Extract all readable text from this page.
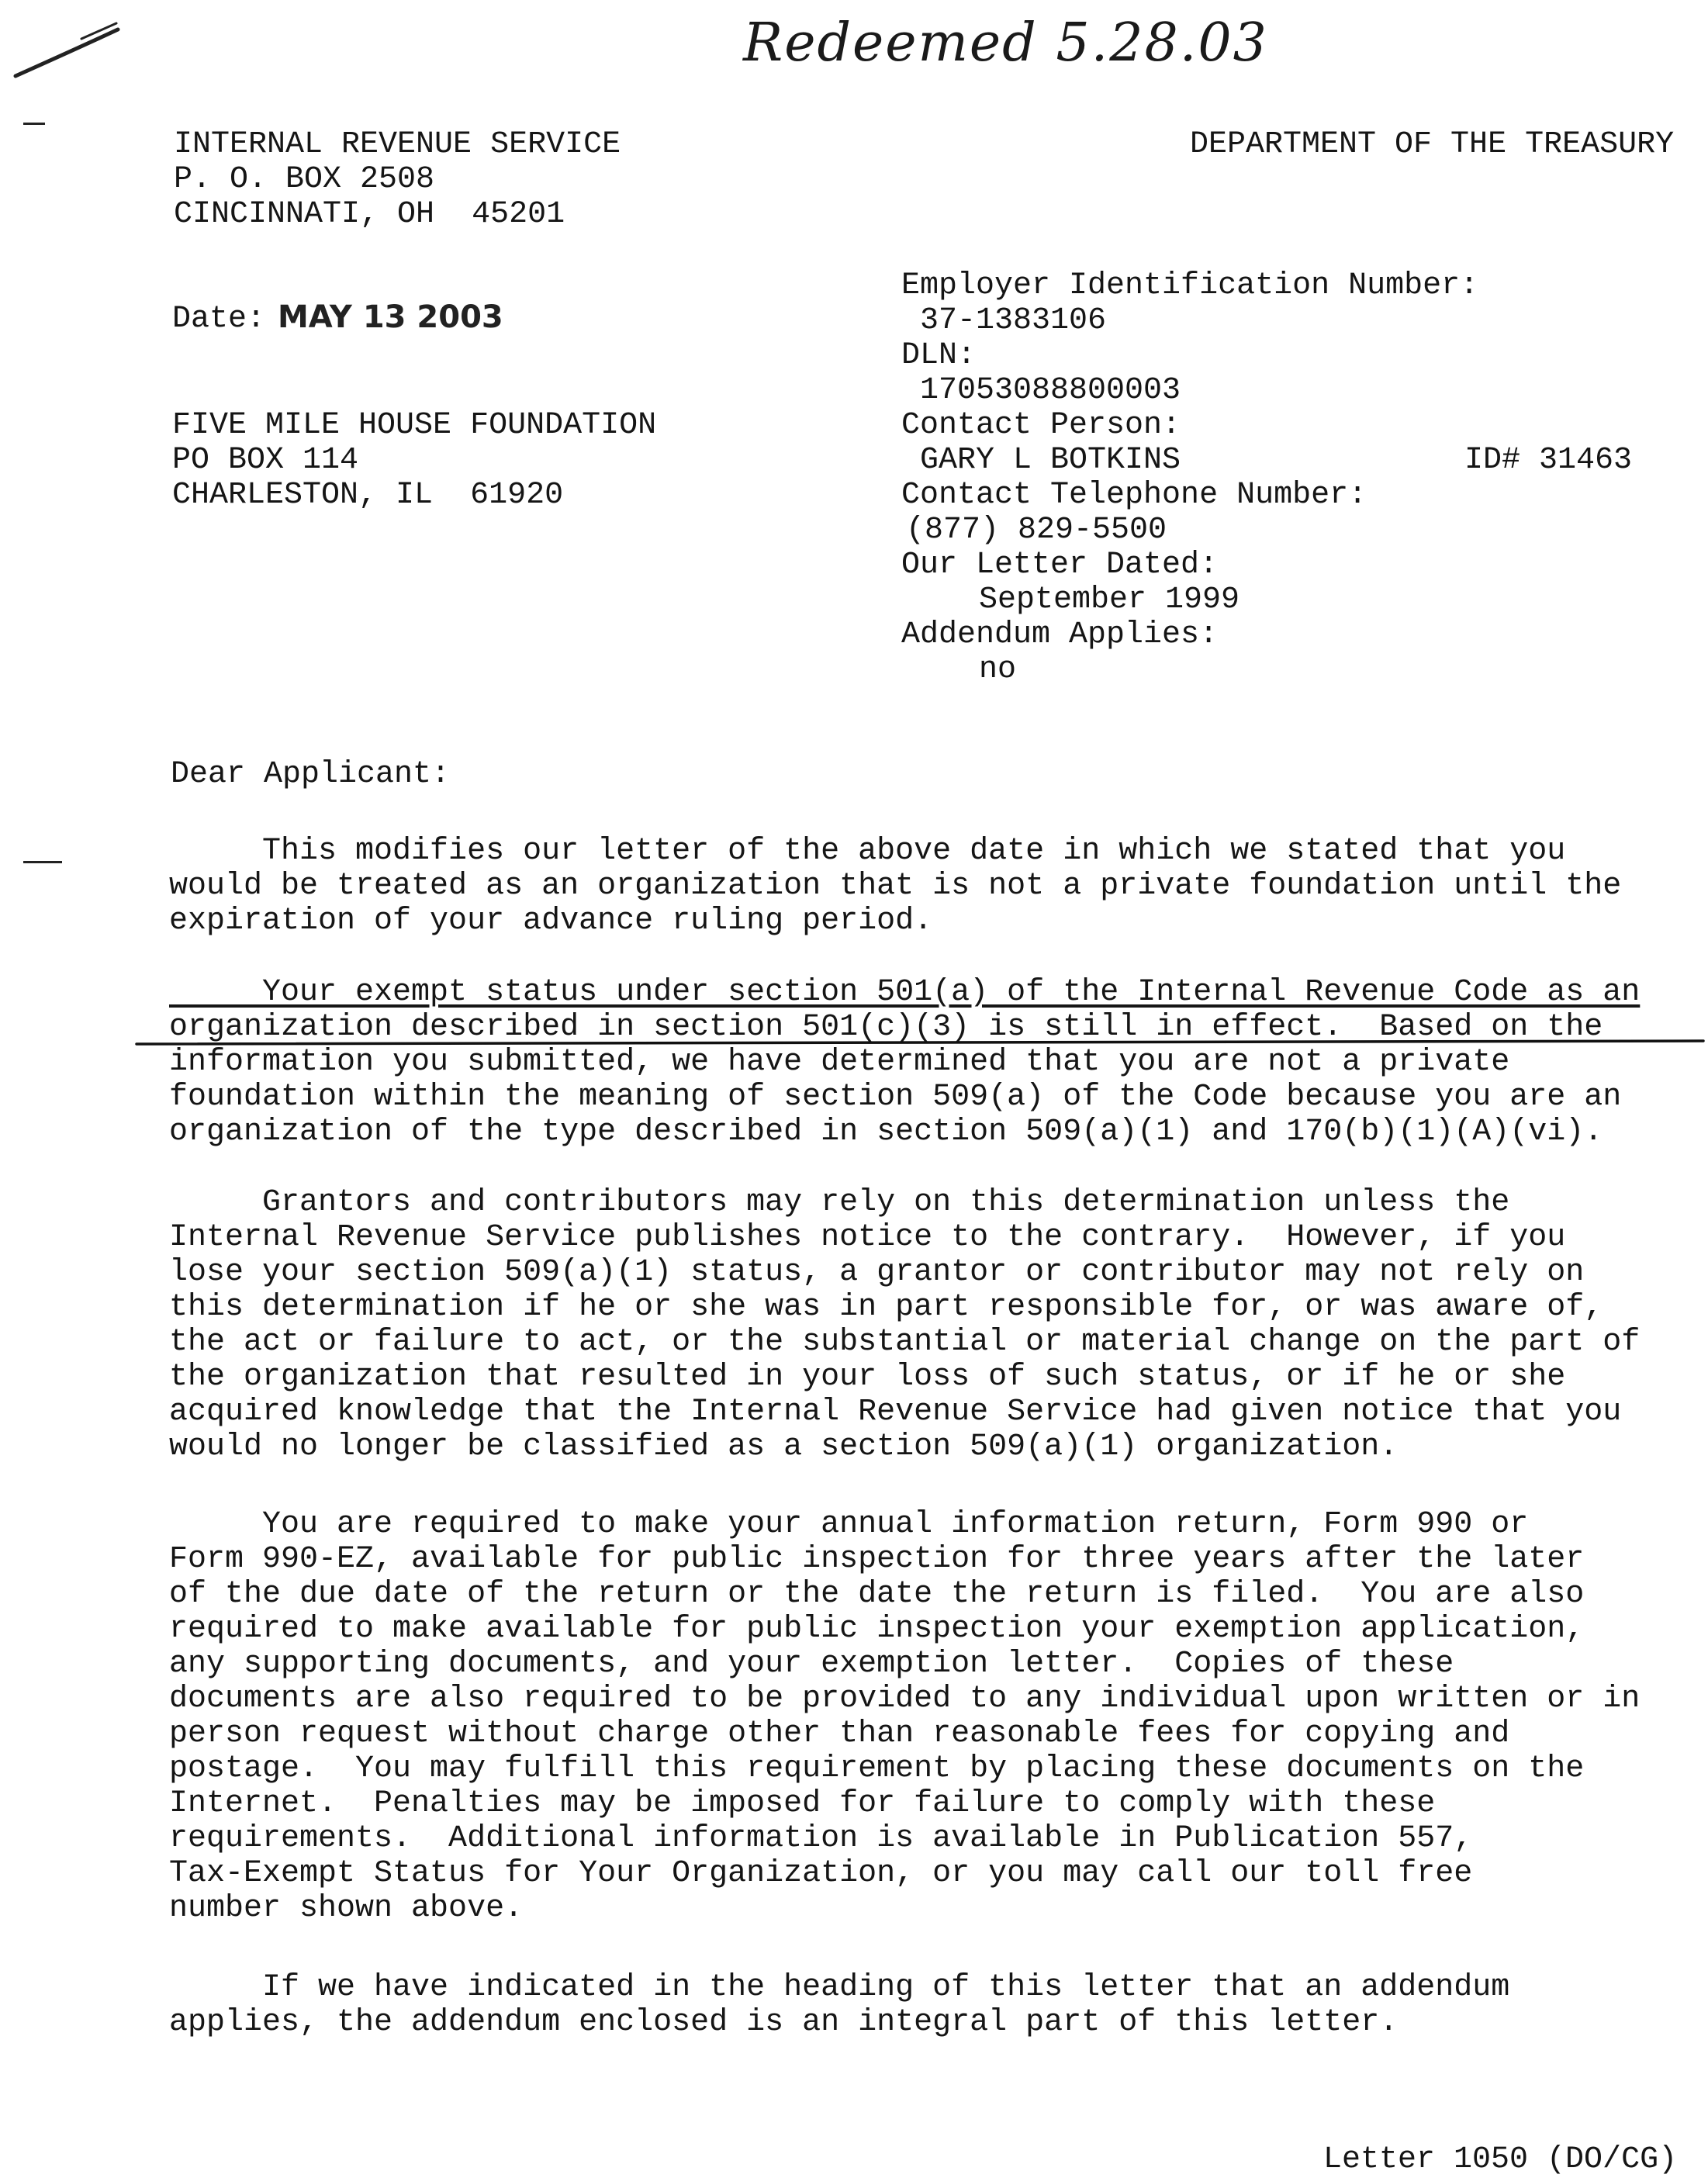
Redeemed 5.28.03
INTERNAL REVENUE SERVICE
P. O. BOX 2508
CINCINNATI, OH  45201
DEPARTMENT OF THE TREASURY
Date: MAY 13 2003
Employer Identification Number:
37-1383106
DLN:
17053088800003
Contact Person:
GARY L BOTKINS	ID# 31463
Contact Telephone Number:
(877) 829-5500
Our Letter Dated:
September 1999
Addendum Applies:
no
FIVE MILE HOUSE FOUNDATION
PO BOX 114
CHARLESTON, IL  61920
Dear Applicant:

This modifies our letter of the above date in which we stated that you

would be treated as an organization that is not a private foundation until the

expiration of your advance ruling period.

Your exempt status under section 501(a) of the Internal Revenue Code as an

organization described in section 501(c)(3) is still in effect.  Based on the

information you submitted, we have determined that you are not a private

foundation within the meaning of section 509(a) of the Code because you are an

organization of the type described in section 509(a)(1) and 170(b)(1)(A)(vi).

Grantors and contributors may rely on this determination unless the

Internal Revenue Service publishes notice to the contrary.  However, if you

lose your section 509(a)(1) status, a grantor or contributor may not rely on

this determination if he or she was in part responsible for, or was aware of,

the act or failure to act, or the substantial or material change on the part of

the organization that resulted in your loss of such status, or if he or she

acquired knowledge that the Internal Revenue Service had given notice that you

would no longer be classified as a section 509(a)(1) organization.

You are required to make your annual information return, Form 990 or

Form 990-EZ, available for public inspection for three years after the later

of the due date of the return or the date the return is filed.  You are also

required to make available for public inspection your exemption application,

any supporting documents, and your exemption letter.  Copies of these

documents are also required to be provided to any individual upon written or in

person request without charge other than reasonable fees for copying and

postage.  You may fulfill this requirement by placing these documents on the

Internet.  Penalties may be imposed for failure to comply with these

requirements.  Additional information is available in Publication 557,

Tax-Exempt Status for Your Organization, or you may call our toll free

number shown above.

If we have indicated in the heading of this letter that an addendum

applies, the addendum enclosed is an integral part of this letter.

Letter 1050 (DO/CG)
